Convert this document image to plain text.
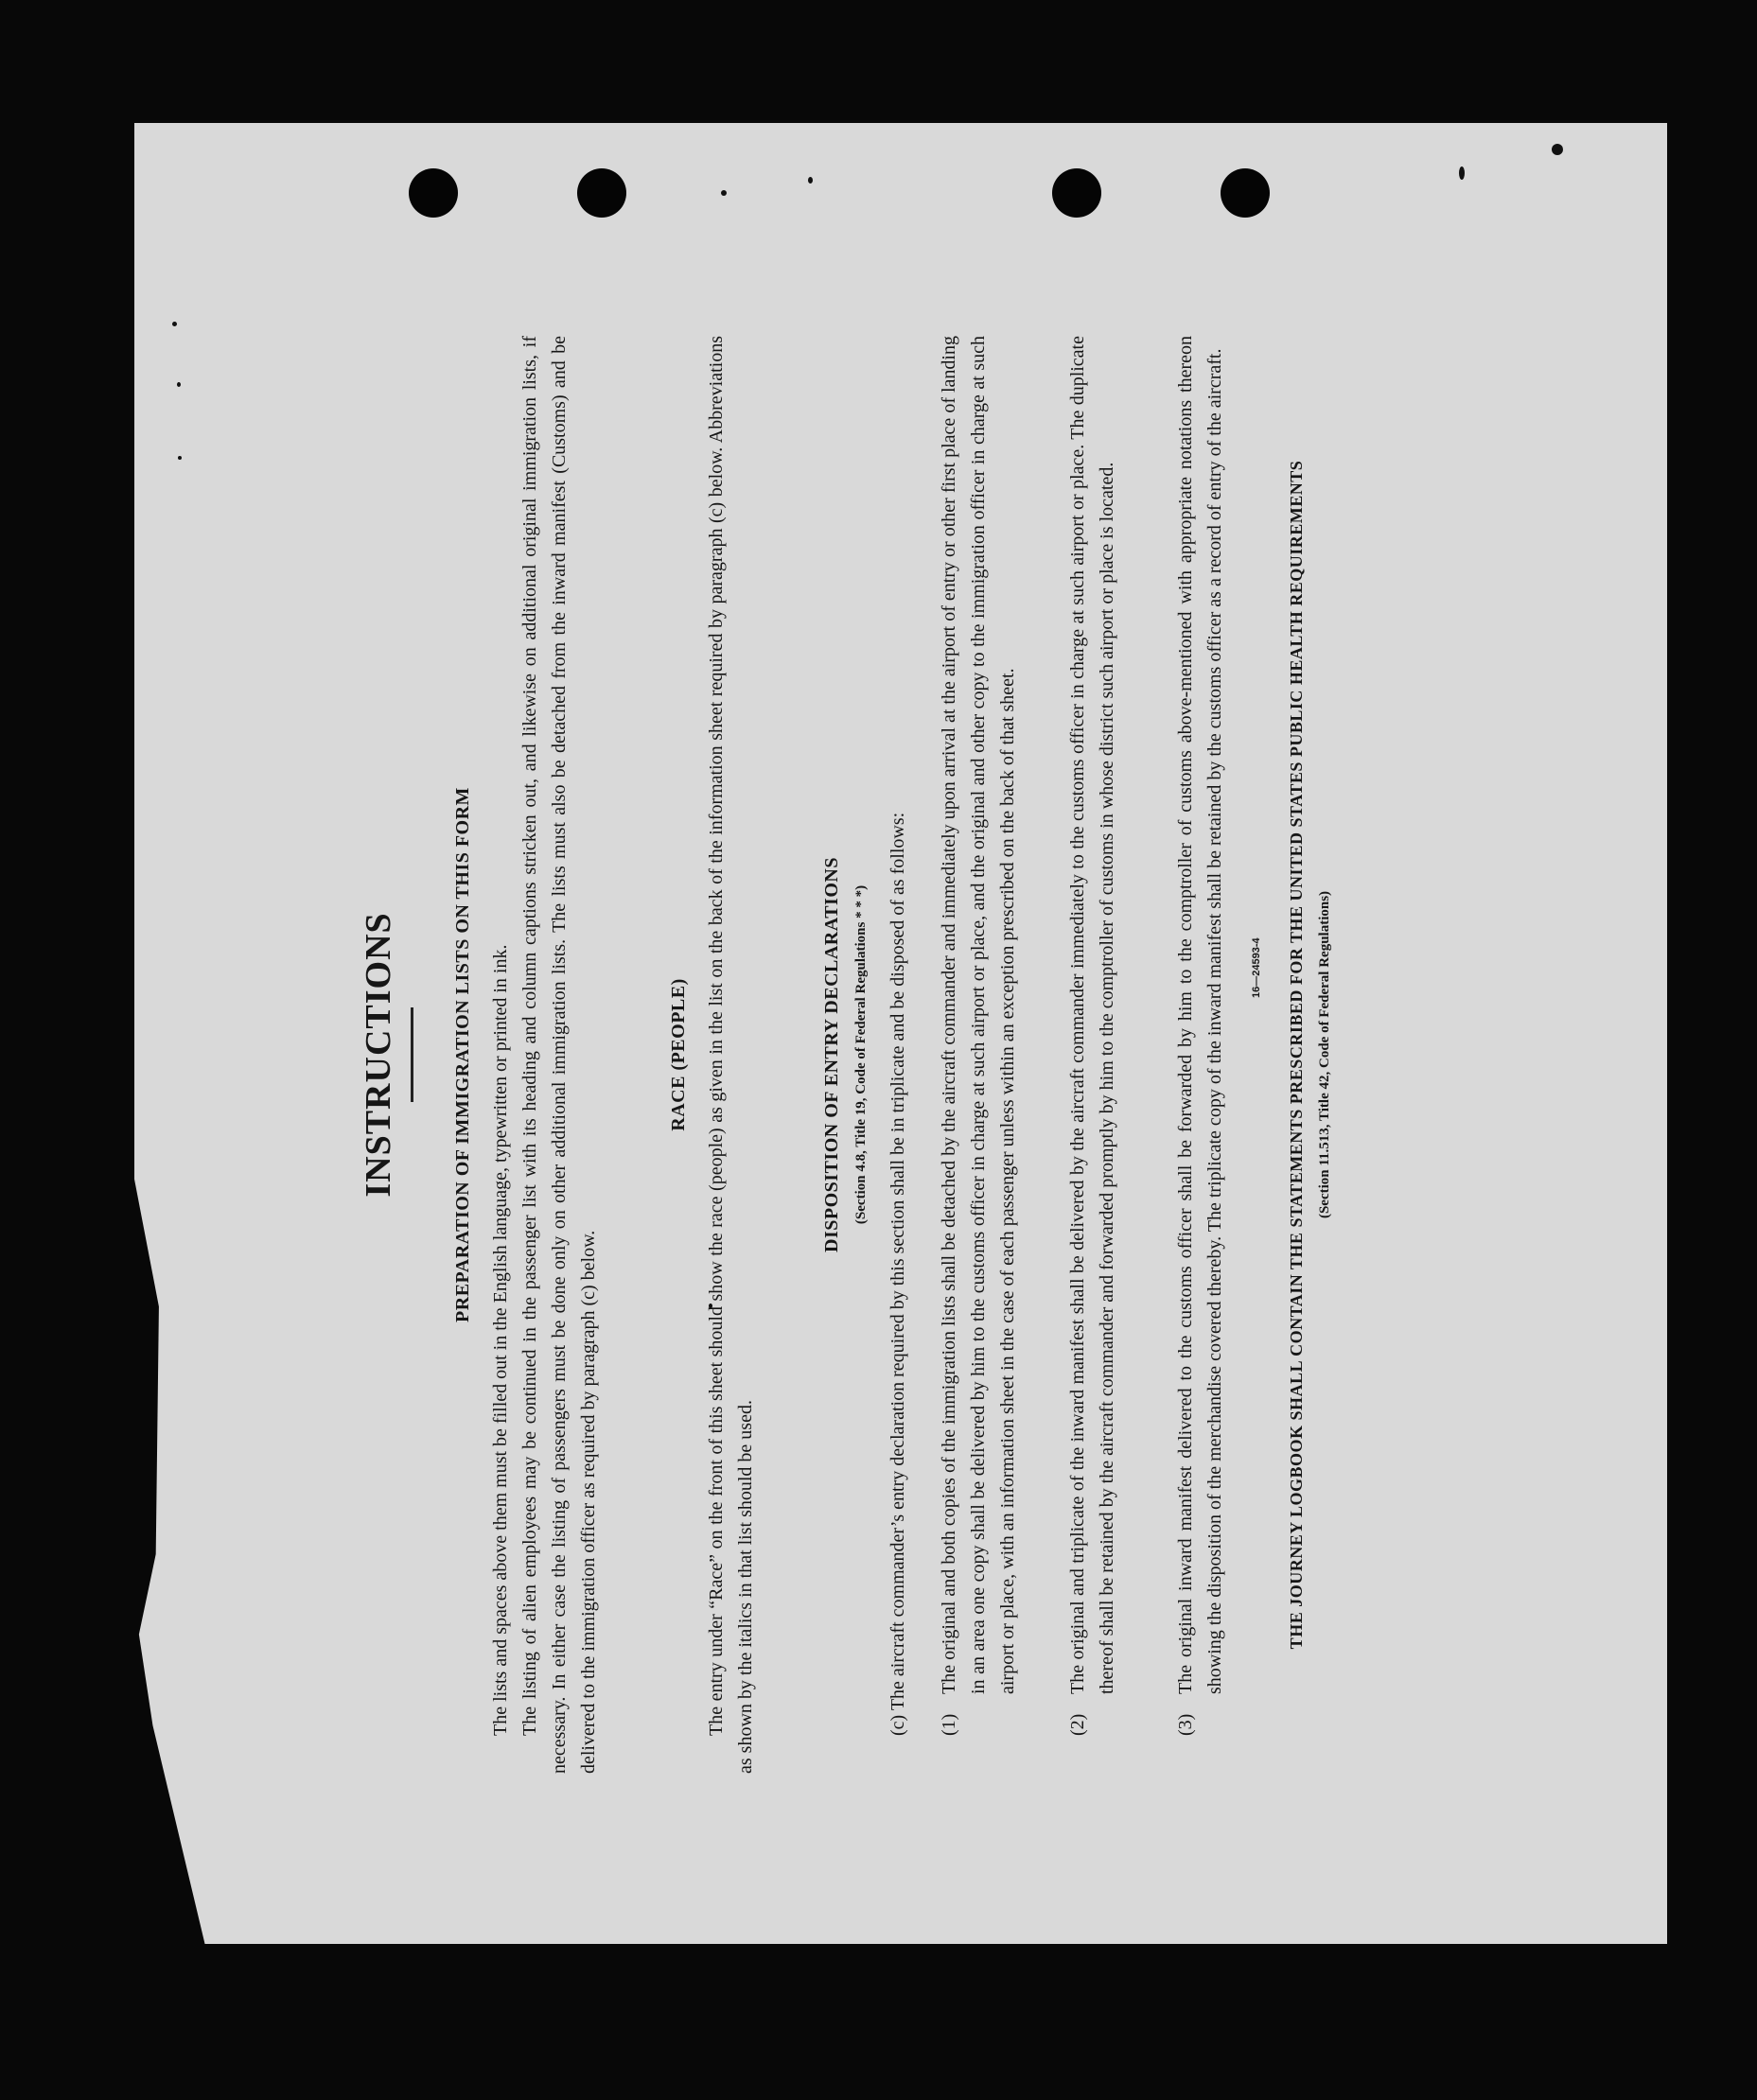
INSTRUCTIONS	PREPARATION OF IMMIGRATION LISTS ON THIS FORM The lists and spaces above them must be filled out in the English language, typewritten or printed in ink. The listing of alien employees may be continued in the passenger list with its heading and column captions stricken out, and likewise on additional original immigration lists, if necessary. In either case the listing of passengers must be done only on other additional immigration lists. The lists must also be detached from the inward manifest (Customs) and be delivered to the immigration officer as required by paragraph (c) below.
RACE (PEOPLE) The entry under “Race” on the front of this sheet should show the race (people) as given in the list on the back of the information sheet required by paragraph (c) below. Abbreviations as shown by the italics in that list should be used.
DISPOSITION OF ENTRY DECLARATIONS (Section 4.8, Title 19, Code of Federal Regulations * * *) (c) The aircraft commander’s entry declaration required by this section shall be in triplicate and be disposed of as follows: (1)
The original and both copies of the immigration lists shall be detached by the aircraft commander and immediately upon arrival at the airport of entry or other first place of landing in an area one copy shall be delivered by him to the customs officer in charge at such airport or place, and the original and other copy to the immigration officer in charge at such airport or place, with an information sheet in the case of each passenger unless within an exception prescribed on the back of that sheet.
(2)
The original and triplicate of the inward manifest shall be delivered by the aircraft commander immediately to the customs officer in charge at such airport or place. The duplicate thereof shall be retained by the aircraft commander and forwarded promptly by him to the comptroller of customs in whose district such airport or place is located.
(3)
The original inward manifest delivered to the customs officer shall be forwarded by him to the comptroller of customs above-mentioned with appropriate notations thereon showing the disposition of the merchandise covered thereby. The triplicate copy of the inward manifest shall be retained by the customs officer as a record of entry of the aircraft.	THE JOURNEY LOGBOOK SHALL CONTAIN THE STATEMENTS PRESCRIBED FOR THE UNITED STATES PUBLIC HEALTH REQUIREMENTS (Section 11.513, Title 42, Code of Federal Regulations)
16—24593-4
